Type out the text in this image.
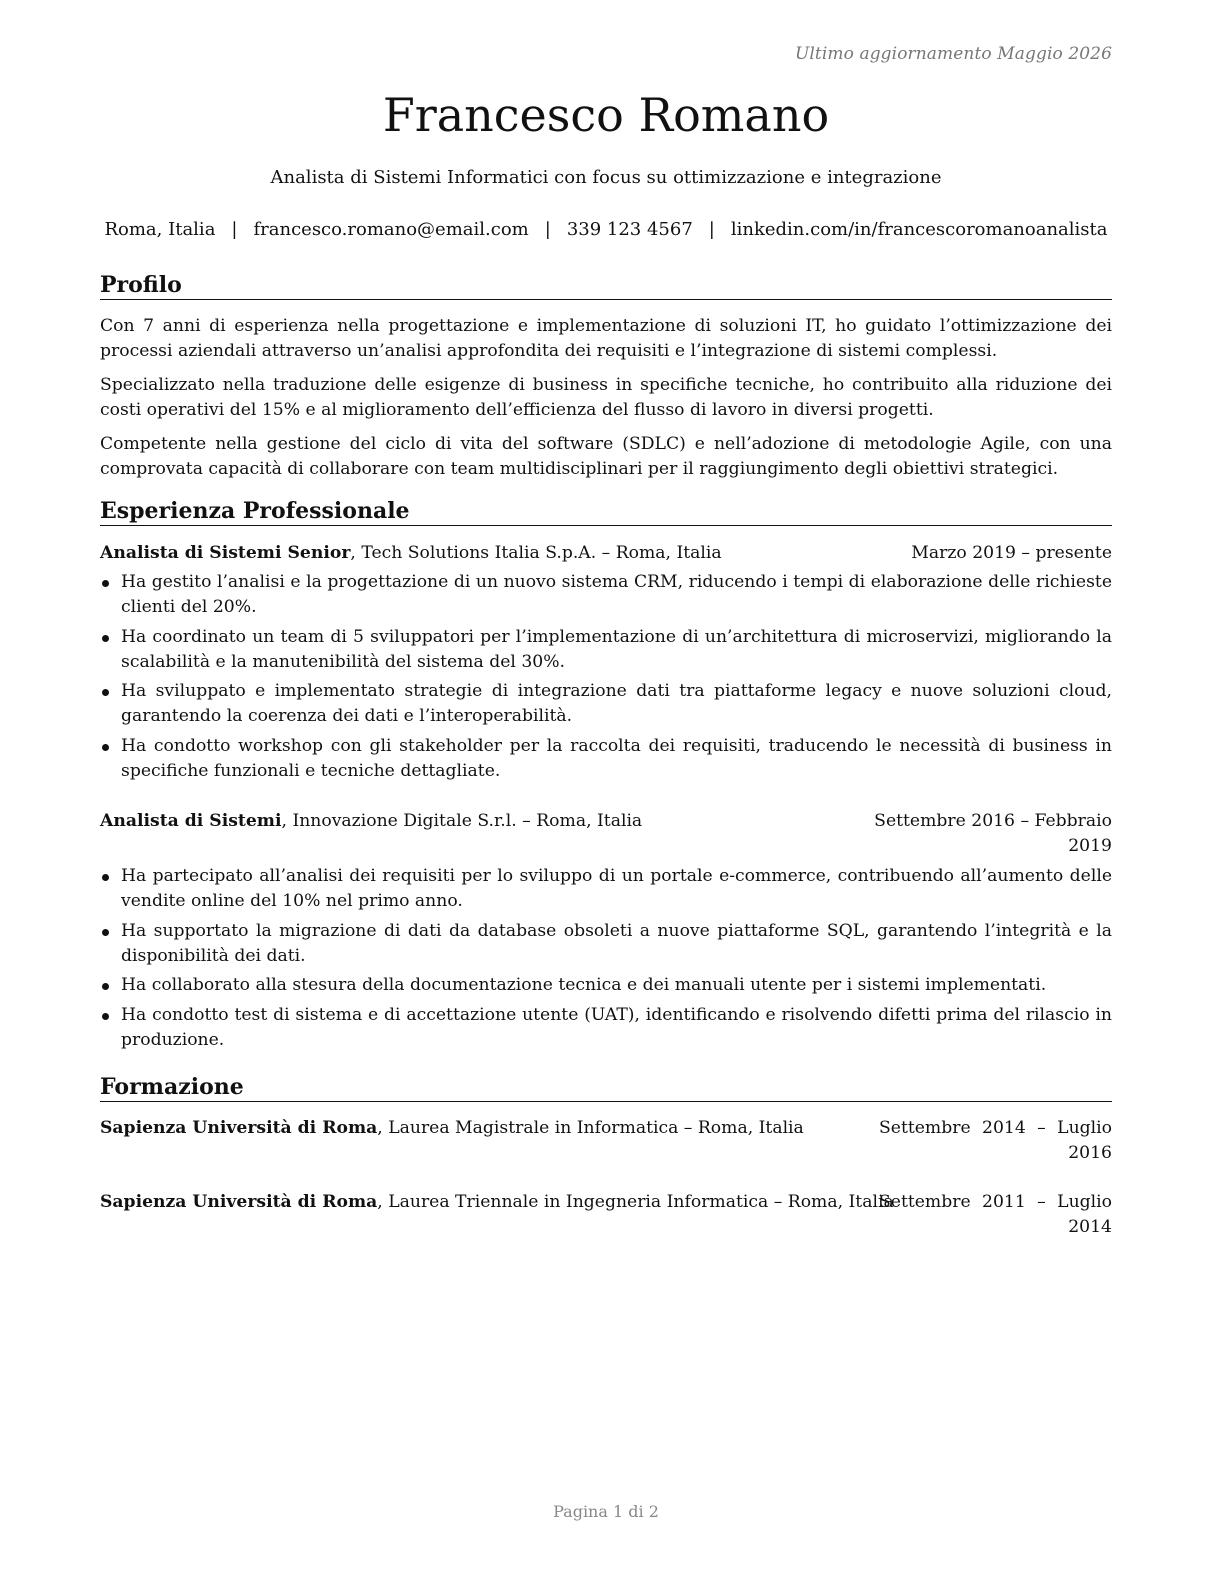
Ultimo aggiornamento Maggio 2026
Francesco Romano
Analista di Sistemi Informatici con focus su ottimizzazione e integrazione
Roma, Italia | francesco.romano@email.com | 339 123 4567 | linkedin.com/in/francescoromanoanalista
Profilo

Con 7 anni di esperienza nella progettazione e implementazione di soluzioni IT, ho guidato l’ottimizzazione dei processi aziendali attraverso un’analisi approfondita dei requisiti e l’integrazione di sistemi complessi.

Specializzato nella traduzione delle esigenze di business in specifiche tecniche, ho contribuito alla riduzione dei costi operativi del 15% e al miglioramento dell’efficienza del flusso di lavoro in diversi progetti.

Competente nella gestione del ciclo di vita del software (SDLC) e nell’adozione di metodologie Agile, con una comprovata capacità di collaborare con team multidisciplinari per il raggiungimento degli obiettivi strategici.

Esperienza Professionale
Analista di Sistemi Senior, Tech Solutions Italia S.p.A. – Roma, Italia	Marzo 2019 – presente
Ha gestito l’analisi e la progettazione di un nuovo sistema CRM, riducendo i tempi di elaborazione delle richieste clienti del 20%.
Ha coordinato un team di 5 sviluppatori per l’implementazione di un’architettura di microservizi, migliorando la scalabilità e la manutenibilità del sistema del 30%.
Ha sviluppato e implementato strategie di integrazione dati tra piattaforme legacy e nuove soluzioni cloud, garantendo la coerenza dei dati e l’interoperabilità.
Ha condotto workshop con gli stakeholder per la raccolta dei requisiti, traducendo le necessità di business in specifiche funzionali e tecniche dettagliate.
Analista di Sistemi, Innovazione Digitale S.r.l. – Roma, Italia	Settembre 2016 – Febbraio 2019
Ha partecipato all’analisi dei requisiti per lo sviluppo di un portale e-commerce, contribuendo all’aumento delle vendite online del 10% nel primo anno.
Ha supportato la migrazione di dati da database obsoleti a nuove piattaforme SQL, garantendo l’integrità e la disponibilità dei dati.
Ha collaborato alla stesura della documentazione tecnica e dei manuali utente per i sistemi implementati.
Ha condotto test di sistema e di accettazione utente (UAT), identificando e risolvendo difetti prima del rilascio in produzione.
Formazione
Sapienza Università di Roma, Laurea Magistrale in Informatica – Roma, Italia	Settembre 2014 – Luglio 2016
Sapienza Università di Roma, Laurea Triennale in Ingegneria Informatica – Roma, Italia
Settembre 2011 – Luglio 2014
Pagina 1 di 2
